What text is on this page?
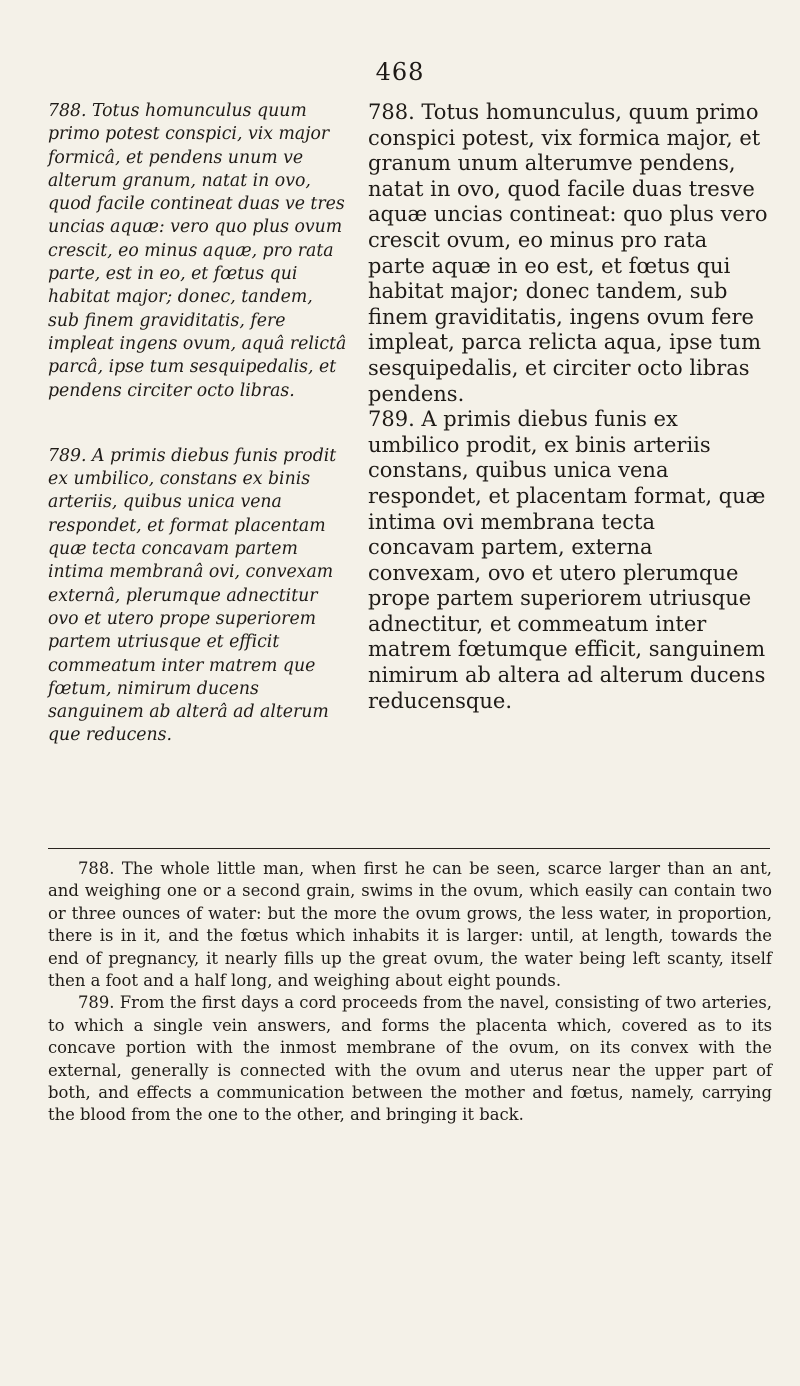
468

788. Totus homunculus quum primo potest conspici, vix major formicâ, et pendens unum ve alterum granum, natat in ovo, quod facile contineat duas ve tres uncias aquæ: vero quo plus ovum crescit, eo minus aquæ, pro rata parte, est in eo, et fœtus qui habitat major; donec, tandem, sub finem graviditatis, fere impleat ingens ovum, aquâ relictâ parcâ, ipse tum sesquipedalis, et pendens circiter octo libras.

789. A primis diebus funis prodit ex umbilico, constans ex binis arteriis, quibus unica vena respondet, et format placentam quæ tecta concavam partem intima membranâ ovi, convexam externâ, plerumque adnectitur ovo et utero prope superiorem partem utriusque et efficit commeatum inter matrem que fœtum, nimirum ducens sanguinem ab alterâ ad alterum que reducens.

788. Totus homunculus, quum primo conspici potest, vix formica major, et granum unum alterumve pendens, natat in ovo, quod facile duas tresve aquæ uncias contineat: quo plus vero crescit ovum, eo minus pro rata parte aquæ in eo est, et fœtus qui habitat major; donec tandem, sub finem graviditatis, ingens ovum fere impleat, parca relicta aqua, ipse tum sesquipedalis, et circiter octo libras pendens.

789. A primis diebus funis ex umbilico prodit, ex binis arteriis constans, quibus unica vena respondet, et placentam format, quæ intima ovi membrana tecta concavam partem, externa convexam, ovo et utero plerumque prope partem superiorem utriusque adnectitur, et commeatum inter matrem fœtumque efficit, sanguinem nimirum ab altera ad alterum ducens reducensque.

788. The whole little man, when first he can be seen, scarce larger than an ant, and weighing one or a second grain, swims in the ovum, which easily can contain two or three ounces of water: but the more the ovum grows, the less water, in proportion, there is in it, and the fœtus which inhabits it is larger: until, at length, towards the end of pregnancy, it nearly fills up the great ovum, the water being left scanty, itself then a foot and a half long, and weighing about eight pounds.

789. From the first days a cord proceeds from the navel, consisting of two arteries, to which a single vein answers, and forms the placenta which, covered as to its concave portion with the inmost membrane of the ovum, on its convex with the external, generally is connected with the ovum and uterus near the upper part of both, and effects a communication between the mother and fœtus, namely, carrying the blood from the one to the other, and bringing it back.
